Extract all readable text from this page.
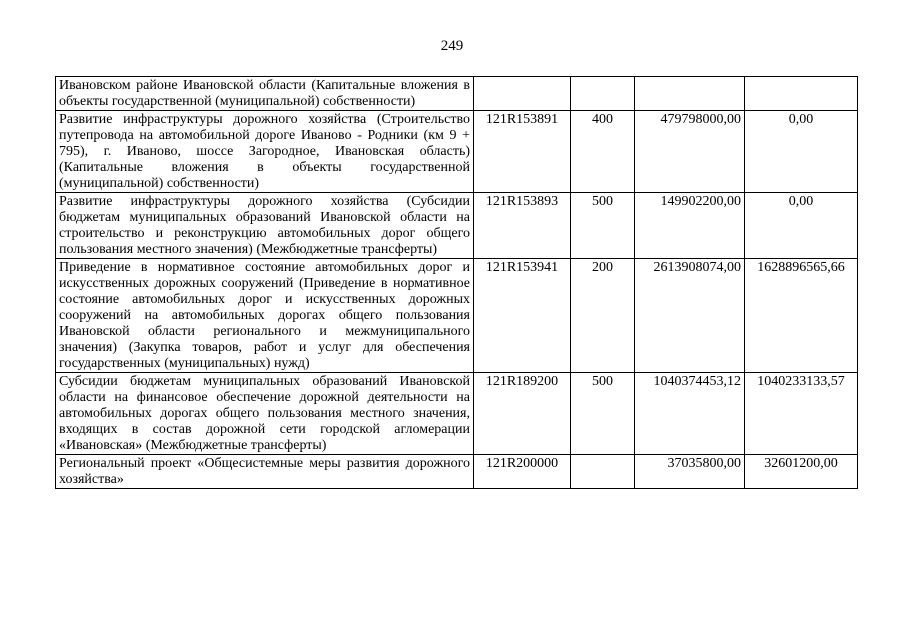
249
Ивановском районе Ивановской области (Капитальные вложения в объекты государственной (муниципальной) собственности)				
Развитие инфраструктуры дорожного хозяйства (Строительство путепровода на автомобильной дороге Иваново - Родники (км 9 + 795), г. Иваново, шоссе Загородное, Ивановская область) (Капитальные вложения в объекты государственной (муниципальной) собственности)	121R153891	400	479798000,00	0,00
Развитие инфраструктуры дорожного хозяйства (Субсидии бюджетам муниципальных образований Ивановской области на строительство и реконструкцию автомобильных дорог общего пользования местного значения) (Межбюджетные трансферты)	121R153893	500	149902200,00	0,00
Приведение в нормативное состояние автомобильных дорог и искусственных дорожных сооружений (Приведение в нормативное состояние автомобильных дорог и искусственных дорожных сооружений на автомобильных дорогах общего пользования Ивановской области регионального и межмуниципального значения) (Закупка товаров, работ и услуг для обеспечения государственных (муниципальных) нужд)	121R153941	200	2613908074,00	1628896565,66
Субсидии бюджетам муниципальных образований Ивановской области на финансовое обеспечение дорожной деятельности на автомобильных дорогах общего пользования местного значения, входящих в состав дорожной сети городской агломерации «Ивановская» (Межбюджетные трансферты)	121R189200	500	1040374453,12	1040233133,57
Региональный проект «Общесистемные меры развития дорожного хозяйства»	121R200000		37035800,00	32601200,00
